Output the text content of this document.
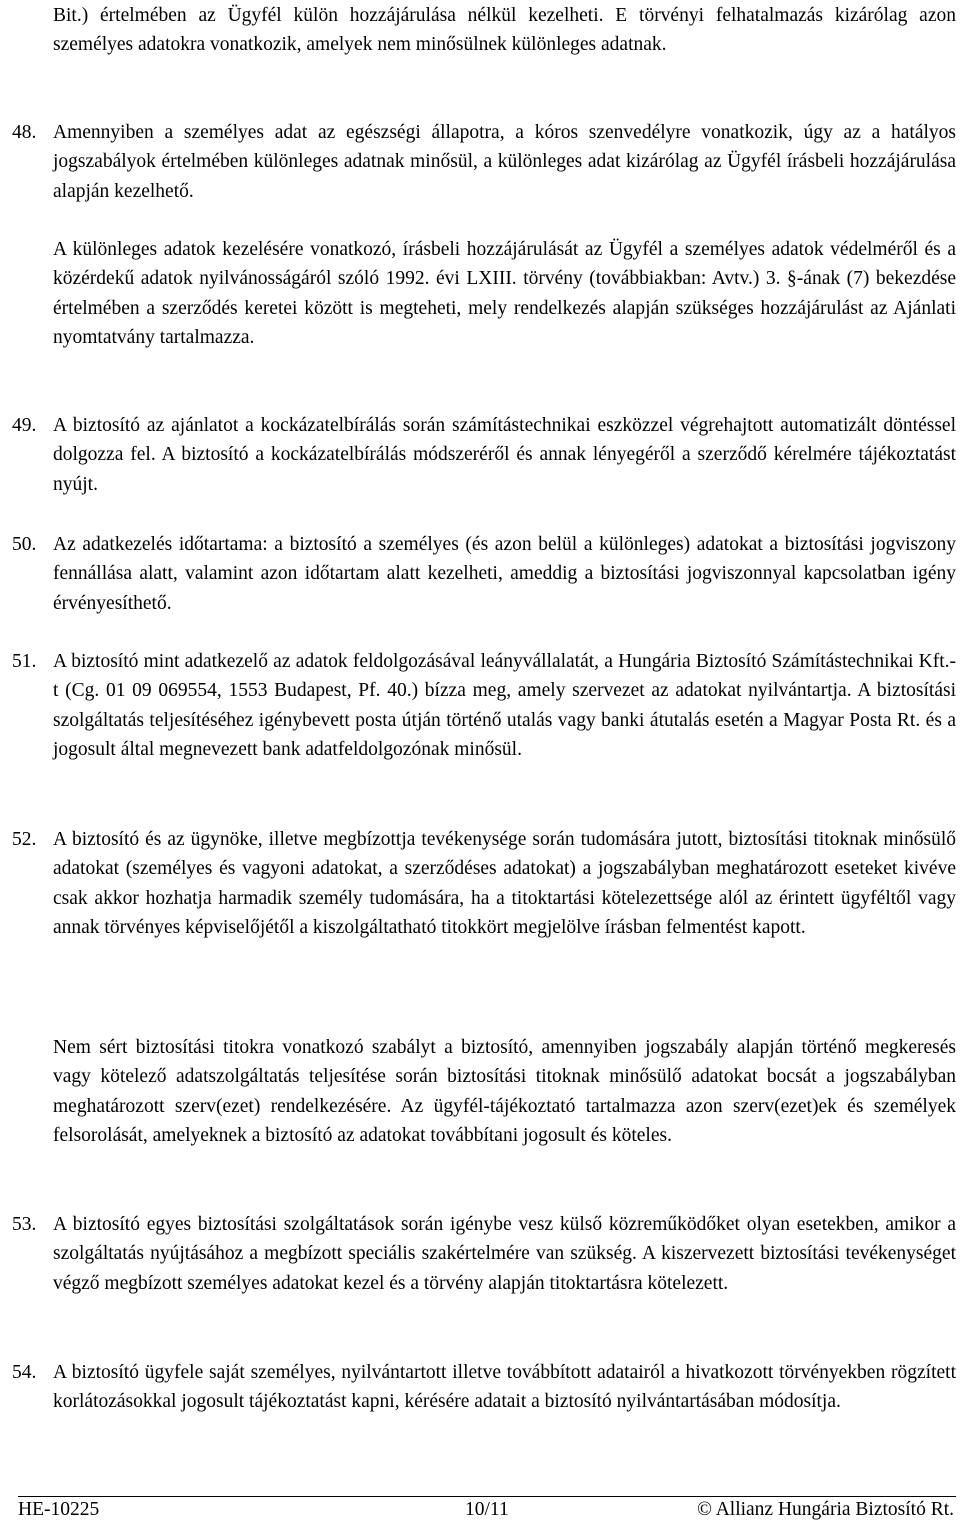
Bit.) értelmében az Ügyfél külön hozzájárulása nélkül kezelheti. E törvényi felhatalmazás kizárólag azon személyes adatokra vonatkozik, amelyek nem minősülnek különleges adatnak.

48. Amennyiben a személyes adat az egészségi állapotra, a kóros szenvedélyre vonatkozik, úgy az a hatályos jogszabályok értelmében különleges adatnak minősül, a különleges adat kizárólag az Ügyfél írásbeli hozzájárulása alapján kezelhető.
A különleges adatok kezelésére vonatkozó, írásbeli hozzájárulását az Ügyfél a személyes adatok védelméről és a közérdekű adatok nyilvánosságáról szóló 1992. évi LXIII. törvény (továbbiakban: Avtv.) 3. §-ának (7) bekezdése értelmében a szerződés keretei között is megteheti, mely rendelkezés alapján szükséges hozzájárulást az Ajánlati nyomtatvány tartalmazza.
49. A biztosító az ajánlatot a kockázatelbírálás során számítástechnikai eszközzel végrehajtott automatizált döntéssel dolgozza fel. A biztosító a kockázatelbírálás módszeréről és annak lényegéről a szerződő kérelmére tájékoztatást nyújt.
50. Az adatkezelés időtartama: a biztosító a személyes (és azon belül a különleges) adatokat a biztosítási jogviszony fennállása alatt, valamint azon időtartam alatt kezelheti, ameddig a biztosítási jogviszonnyal kapcsolatban igény érvényesíthető.
51. A biztosító mint adatkezelő az adatok feldolgozásával leányvállalatát, a Hungária Biztosító Számítástechnikai Kft.-t (Cg. 01 09 069554, 1553 Budapest, Pf. 40.) bízza meg, amely szervezet az adatokat nyilvántartja. A biztosítási szolgáltatás teljesítéséhez igénybevett posta útján történő utalás vagy banki átutalás esetén a Magyar Posta Rt. és a jogosult által megnevezett bank adatfeldolgozónak minősül.
52. A biztosító és az ügynöke, illetve megbízottja tevékenysége során tudomására jutott, biztosítási titoknak minősülő adatokat (személyes és vagyoni adatokat, a szerződéses adatokat) a jogszabályban meghatározott eseteket kivéve csak akkor hozhatja harmadik személy tudomására, ha a titoktartási kötelezettsége alól az érintett ügyféltől vagy annak törvényes képviselőjétől a kiszolgáltatható titokkört megjelölve írásban felmentést kapott.
Nem sért biztosítási titokra vonatkozó szabályt a biztosító, amennyiben jogszabály alapján történő megkeresés vagy kötelező adatszolgáltatás teljesítése során biztosítási titoknak minősülő adatokat bocsát a jogszabályban meghatározott szerv(ezet) rendelkezésére. Az ügyfél-tájékoztató tartalmazza azon szerv(ezet)ek és személyek felsorolását, amelyeknek a biztosító az adatokat továbbítani jogosult és köteles.
53. A biztosító egyes biztosítási szolgáltatások során igénybe vesz külső közreműködőket olyan esetekben, amikor a szolgáltatás nyújtásához a megbízott speciális szakértelmére van szükség. A kiszervezett biztosítási tevékenységet végző megbízott személyes adatokat kezel és a törvény alapján titoktartásra kötelezett.
54. A biztosító ügyfele saját személyes, nyilvántartott illetve továbbított adatairól a hivatkozott törvényekben rögzített korlátozásokkal jogosult tájékoztatást kapni, kérésére adatait a biztosító nyilvántartásában módosítja.
HE-10225	10/11	© Allianz Hungária Biztosító Rt.
